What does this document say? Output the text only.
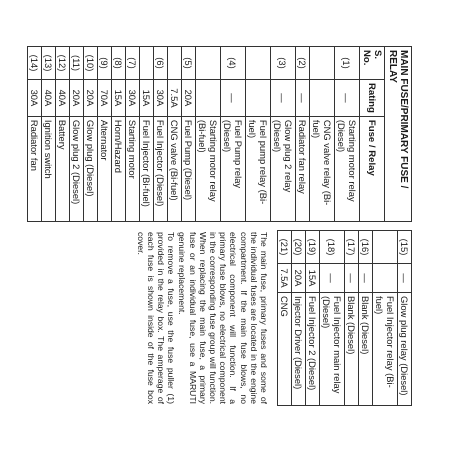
MAIN FUSE/PRIMARY FUSE / RELAY		
S. No.	Rating	Fuse / Relay
(1)	—	Starting motor relay (Diesel)
		CNG valve relay (Bi-fuel)
(2)	—	Radiator fan relay
(3)	—	Glow plug 2 relay (Diesel)
		Fuel pump relay (Bi-fuel)
(4)	—	Fuel Pump relay (Diesel)
		Starting motor relay (Bi-fuel)
(5)	20A	Fuel Pump (Diesel)
	7.5A	CNG valve (Bi-fuel)
(6)	30A	Fuel Injector (Diesel)
	15A	Fuel Injector (Bi-fuel)
(7)	30A	Starting motor
(8)	15A	Horn/Hazard
(9)	70A	Alternator
(10)	20A	Glow plug (Diesel)
(11)	20A	Glow plug 2 (Diesel)
(12)	40A	Battery
(13)	40A	Ignition switch
(14)	30A	Radiator fan
(15)	—	Glow plug relay (Diesel)
		Fuel Injector relay (Bi-fuel)
(16)	—	Blank (Diesel)
(17)	—	Blank (Diesel)
(18)	—	Fuel Injector main relay (Diesel)
(19)	15A	Fuel Injector 2 (Diesel)
(20)	20A	Injector Driver (Diesel)
(21)	7.5A	CNG

The main fuse, primary fuses and some of the individual fuses are located in the engine compartment. If the main fuse blows, no electrical component will function. If a primary fuse blows, no electrical component in the corresponding fuse group will function. When replacing the main fuse, a primary fuse or an individual fuse, use a MARUTI genuine replacement.

To remove a fuse, use the fuse puller (1) provided in the relay box. The amperage of each fuse is shown inside of the fuse box cover.
